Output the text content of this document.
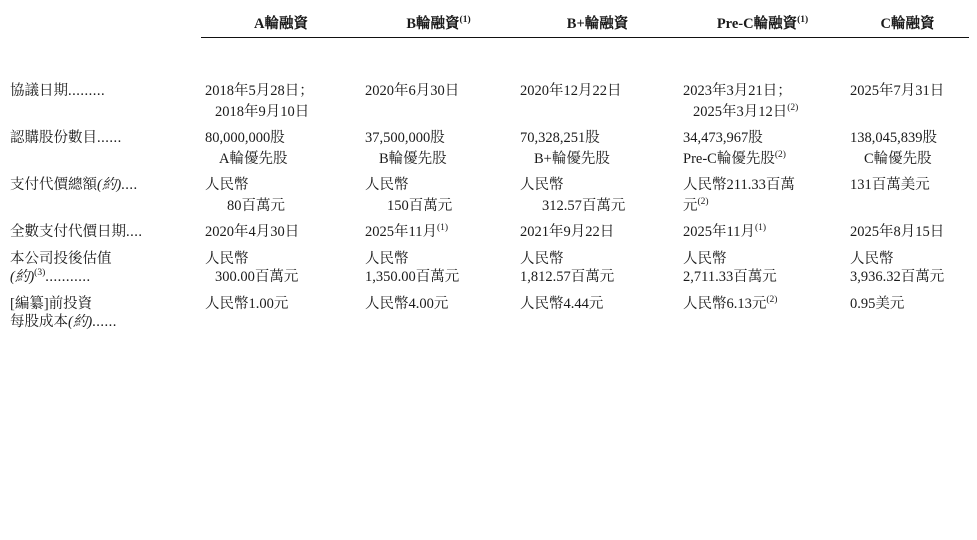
	A輪融資	B輪融資$^{(1)}$	B+輪融資	Pre-C輪融資$^{(1)}$	C輪融資

協議日期.........	2018年5月28日；	2020年6月30日	2020年12月22日	2023年3月21日；	2025年7月31日
	2018年9月10日			2025年3月12日$^{(2)}$	
認購股份數目......	80,000,000股	37,500,000股	70,328,251股	34,473,967股	138,045,839股
	A輪優先股	B輪優先股	B+輪優先股	Pre-C輪優先股$^{(2)}$	C輪優先股
支付代價總額(約)....	人民幣	人民幣	人民幣	人民幣211.33百萬	131百萬美元
	80百萬元	150百萬元	312.57百萬元	元$^{(2)}$	
全數支付代價日期....	2020年4月30日	2025年11月$^{(1)}$	2021年9月22日	2025年11月$^{(1)}$	2025年8月15日
本公司投後估值	人民幣	人民幣	人民幣	人民幣	人民幣
(約)$^{(3)}$...........	300.00百萬元	1,350.00百萬元	1,812.57百萬元	2,711.33百萬元	3,936.32百萬元
[編纂]前投資	人民幣1.00元	人民幣4.00元	人民幣4.44元	人民幣6.13元$^{(2)}$	0.95美元
每股成本(約)......					
